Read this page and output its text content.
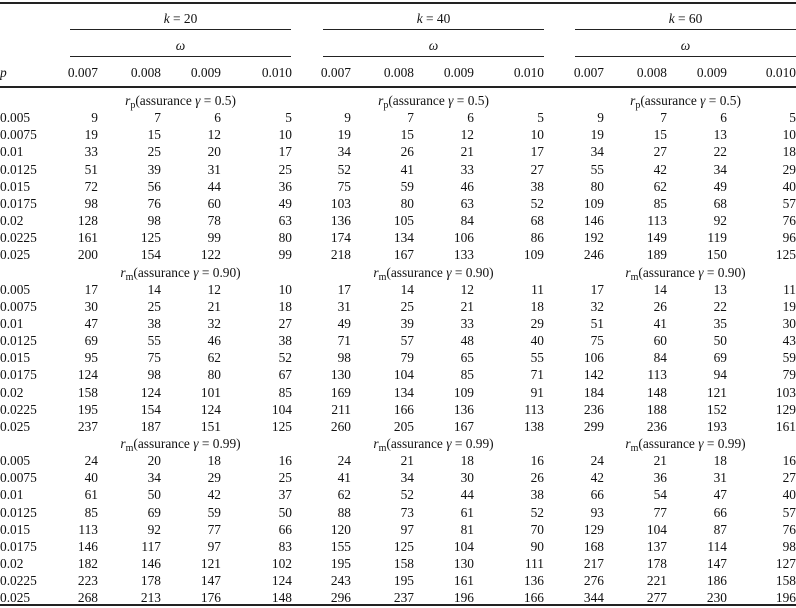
k = 20
ω
0.007	0.008	0.009	0.010
k = 40
ω
0.007	0.008	0.009	0.010
k = 60
ω
0.007	0.008	0.009	0.010
p
$r_p(assurance$ γ = 0.5)	$r_p(assurance$ γ = 0.5)	$r_p(assurance$ γ = 0.5)
0.005	9	7	6	5	9	7	6	5	9	7	6	5
0.0075	19	15	12	10	19	15	12	10	19	15	13	10
0.01	33	25	20	17	34	26	21	17	34	27	22	18
0.0125	51	39	31	25	52	41	33	27	55	42	34	29
0.015	72	56	44	36	75	59	46	38	80	62	49	40
0.0175	98	76	60	49	103	80	63	52	109	85	68	57
0.02	128	98	78	63	136	105	84	68	146	113	92	76
0.0225	161	125	99	80	174	134	106	86	192	149	119	96
0.025	200	154	122	99	218	167	133	109	246	189	150	125
$r_m(assurance$ γ = 0.90)	$r_m(assurance$ γ = 0.90)	$r_m(assurance$ γ = 0.90)
0.005	17	14	12	10	17	14	12	11	17	14	13	11
0.0075	30	25	21	18	31	25	21	18	32	26	22	19
0.01	47	38	32	27	49	39	33	29	51	41	35	30
0.0125	69	55	46	38	71	57	48	40	75	60	50	43
0.015	95	75	62	52	98	79	65	55	106	84	69	59
0.0175	124	98	80	67	130	104	85	71	142	113	94	79
0.02	158	124	101	85	169	134	109	91	184	148	121	103
0.0225	195	154	124	104	211	166	136	113	236	188	152	129
0.025	237	187	151	125	260	205	167	138	299	236	193	161
$r_m(assurance$ γ = 0.99)	$r_m(assurance$ γ = 0.99)	$r_m(assurance$ γ = 0.99)
0.005	24	20	18	16	24	21	18	16	24	21	18	16
0.0075	40	34	29	25	41	34	30	26	42	36	31	27
0.01	61	50	42	37	62	52	44	38	66	54	47	40
0.0125	85	69	59	50	88	73	61	52	93	77	66	57
0.015	113	92	77	66	120	97	81	70	129	104	87	76
0.0175	146	117	97	83	155	125	104	90	168	137	114	98
0.02	182	146	121	102	195	158	130	111	217	178	147	127
0.0225	223	178	147	124	243	195	161	136	276	221	186	158
0.025	268	213	176	148	296	237	196	166	344	277	230	196
